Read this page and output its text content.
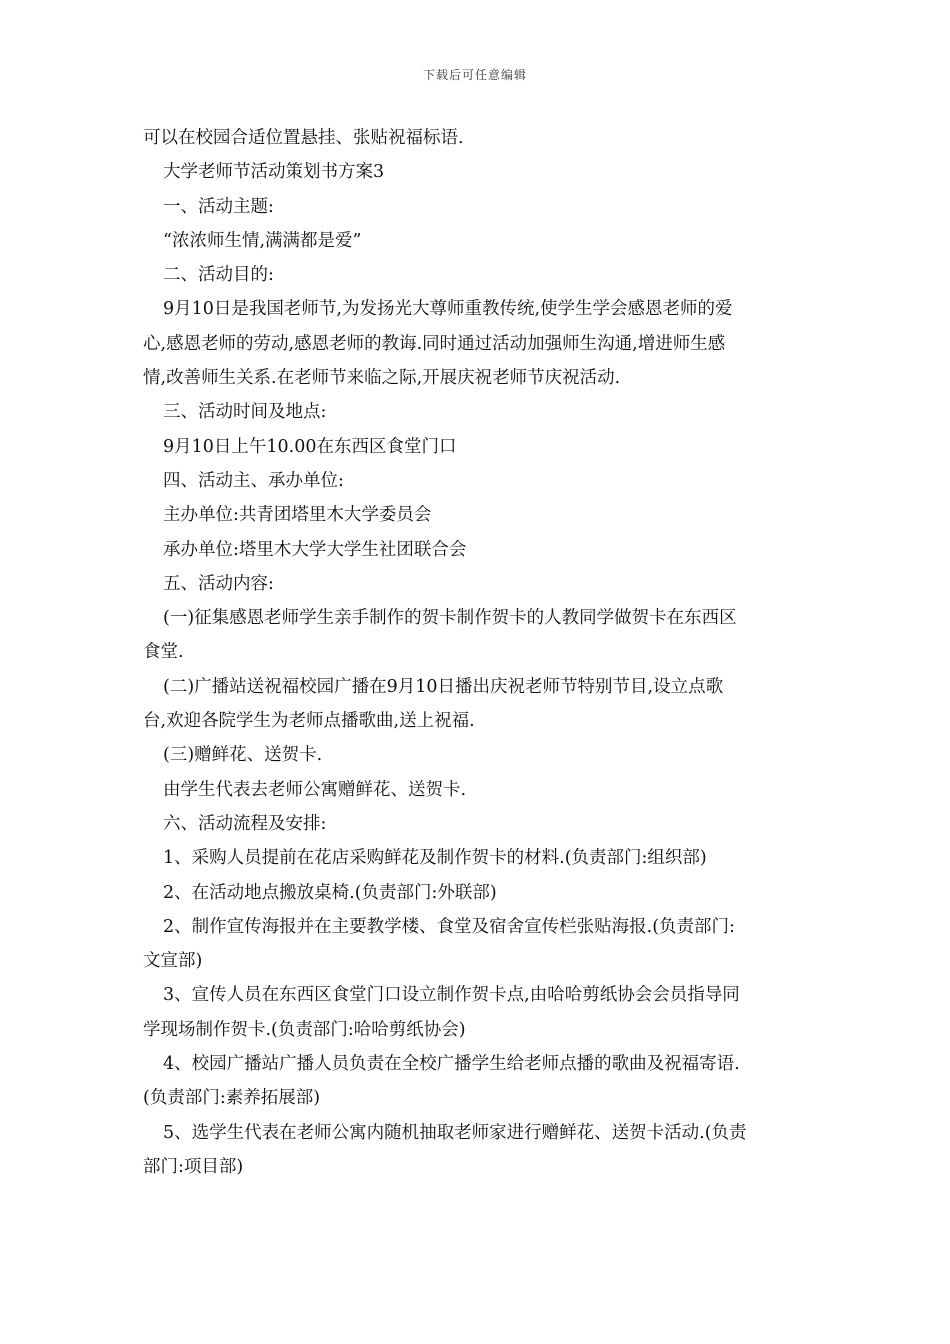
下载后可任意编辑
可以在校园合适位置悬挂、张贴祝福标语.
大学老师节活动策划书方案3
一、活动主题:
“浓浓师生情,满满都是爱”
二、活动目的:
9月10日是我国老师节,为发扬光大尊师重教传统,使学生学会感恩老师的爱
心,感恩老师的劳动,感恩老师的教诲.同时通过活动加强师生沟通,增进师生感
情,改善师生关系.在老师节来临之际,开展庆祝老师节庆祝活动.
三、活动时间及地点:
9月10日上午10.00在东西区食堂门口
四、活动主、承办单位:
主办单位:共青团塔里木大学委员会
承办单位:塔里木大学大学生社团联合会
五、活动内容:
(一)征集感恩老师学生亲手制作的贺卡制作贺卡的人教同学做贺卡在东西区
食堂.
(二)广播站送祝福校园广播在9月10日播出庆祝老师节特别节目,设立点歌
台,欢迎各院学生为老师点播歌曲,送上祝福.
(三)赠鲜花、送贺卡.
由学生代表去老师公寓赠鲜花、送贺卡.
六、活动流程及安排:
1、采购人员提前在花店采购鲜花及制作贺卡的材料.(负责部门:组织部)
2、在活动地点搬放桌椅.(负责部门:外联部)
2、制作宣传海报并在主要教学楼、食堂及宿舍宣传栏张贴海报.(负责部门:
文宣部)
3、宣传人员在东西区食堂门口设立制作贺卡点,由哈哈剪纸协会会员指导同
学现场制作贺卡.(负责部门:哈哈剪纸协会)
4、校园广播站广播人员负责在全校广播学生给老师点播的歌曲及祝福寄语.
(负责部门:素养拓展部)
5、选学生代表在老师公寓内随机抽取老师家进行赠鲜花、送贺卡活动.(负责
部门:项目部)
